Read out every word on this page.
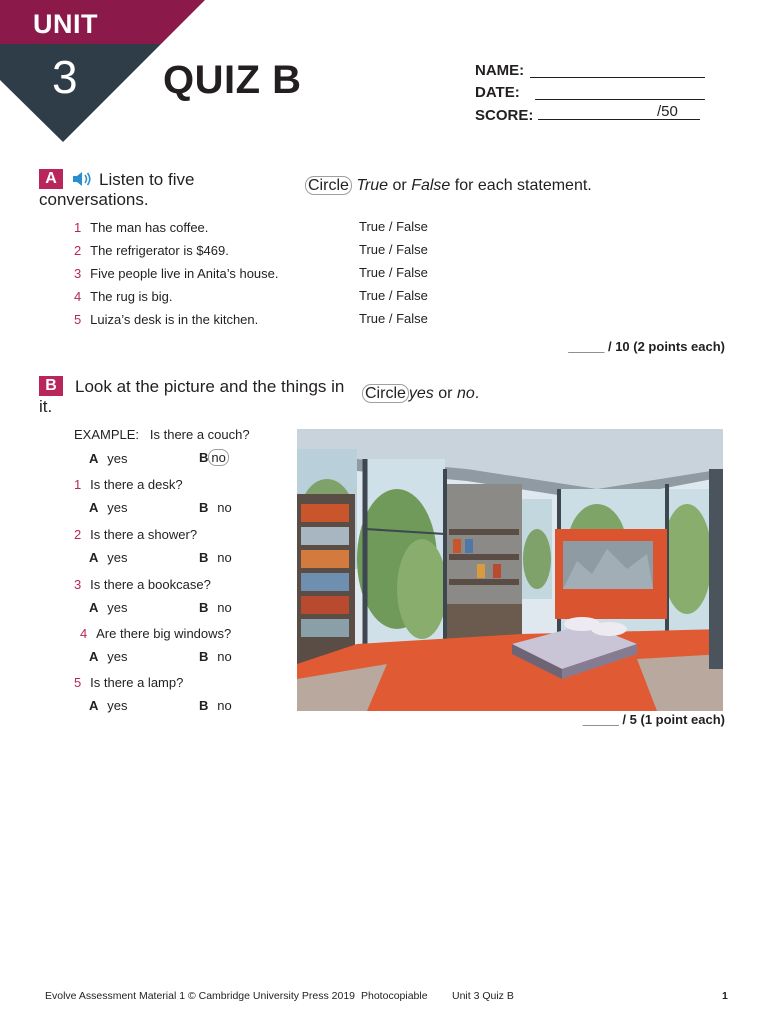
UNIT
3 QUIZ B	NAME:
DATE:
SCORE:	/50
A	Listen to five
conversations.
Circle True or False for each statement.
1 The man has coffee.	True / False
2 The refrigerator is $469.	True / False
3 Five people live in Anita’s house.	True / False
4 The rug is big.	True / False
5 Luiza’s desk is in the kitchen.	True / False
_____ / 10 (2 points each)
B	Look at the picture and the things in
it.
Circle yes or no.
EXAMPLE: Is there a couch?
A yes	B no
1 Is there a desk?
A yes	B no
2 Is there a shower?
A yes	B no
3 Is there a bookcase?
A yes	B no
4 Are there big windows?
A yes	B no
5 Is there a lamp?
A yes	B no
_____ / 5 (1 point each)
Evolve Assessment Material 1 © Cambridge University Press 2019 Photocopiable Unit 3 Quiz B	1
